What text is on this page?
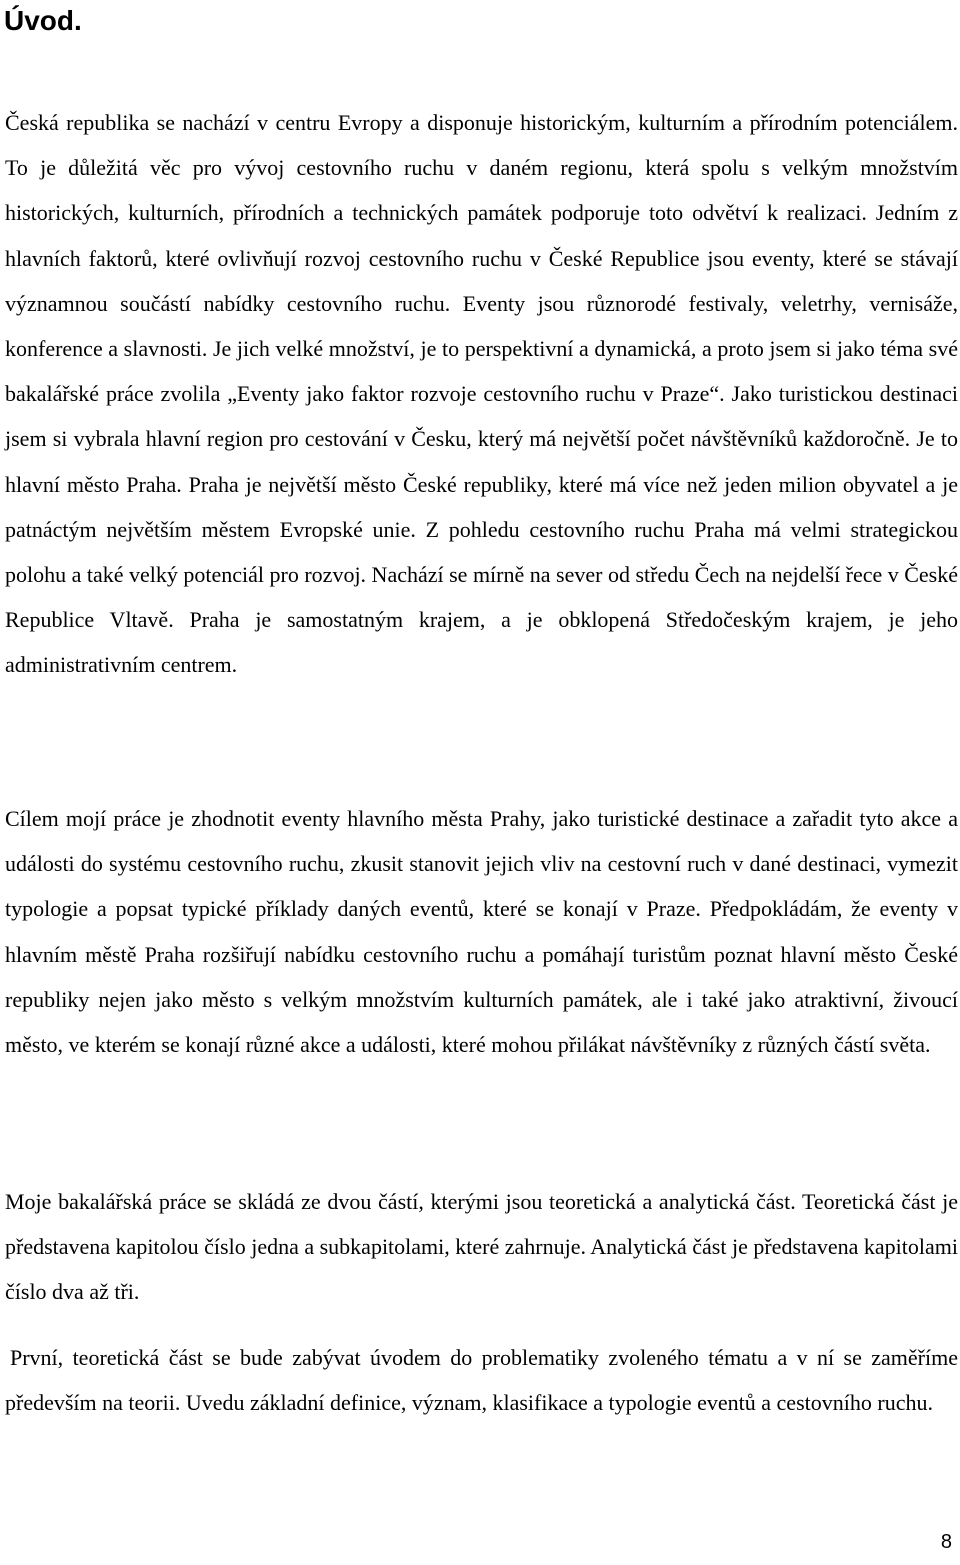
Úvod.

Česká republika se nachází v centru Evropy a disponuje historickým, kulturním a přírodním potenciálem. To je důležitá věc pro vývoj cestovního ruchu v daném regionu, která spolu s velkým množstvím historických, kulturních, přírodních a technických památek podporuje toto odvětví k realizaci. Jedním z hlavních faktorů, které ovlivňují rozvoj cestovního ruchu v České Republice jsou eventy, které se stávají významnou součástí nabídky cestovního ruchu. Eventy jsou různorodé festivaly, veletrhy, vernisáže, konference a slavnosti. Je jich velké množství, je to perspektivní a dynamická, a proto jsem si jako téma své bakalářské práce zvolila „Eventy jako faktor rozvoje cestovního ruchu v Praze“. Jako turistickou destinaci jsem si vybrala hlavní region pro cestování v Česku, který má největší počet návštěvníků každoročně. Je to hlavní město Praha. Praha je největší město České republiky, které má více než jeden milion obyvatel a je patnáctým největším městem Evropské unie. Z pohledu cestovního ruchu Praha má velmi strategickou polohu a také velký potenciál pro rozvoj. Nachází se mírně na sever od středu Čech na nejdelší řece v České Republice Vltavě. Praha je samostatným krajem, a je obklopená Středočeským krajem, je jeho administrativním centrem.

Cílem mojí práce je zhodnotit eventy hlavního města Prahy, jako turistické destinace a zařadit tyto akce a události do systému cestovního ruchu, zkusit stanovit jejich vliv na cestovní ruch v dané destinaci, vymezit typologie a popsat typické příklady daných eventů, které se konají v Praze. Předpokládám, že eventy v hlavním městě Praha rozšiřují nabídku cestovního ruchu a pomáhají turistům poznat hlavní město České republiky nejen jako město s velkým množstvím kulturních památek, ale i také jako atraktivní, živoucí město, ve kterém se konají různé akce a události, které mohou přilákat návštěvníky z různých částí světa.

Moje bakalářská práce se skládá ze dvou částí, kterými jsou teoretická a analytická část. Teoretická část je představena kapitolou číslo jedna a subkapitolami, které zahrnuje. Analytická část je představena kapitolami číslo dva až tři.

První, teoretická část se bude zabývat úvodem do problematiky zvoleného tématu a v ní se zaměříme především na teorii. Uvedu základní definice, význam, klasifikace a typologie eventů a cestovního ruchu.

8
